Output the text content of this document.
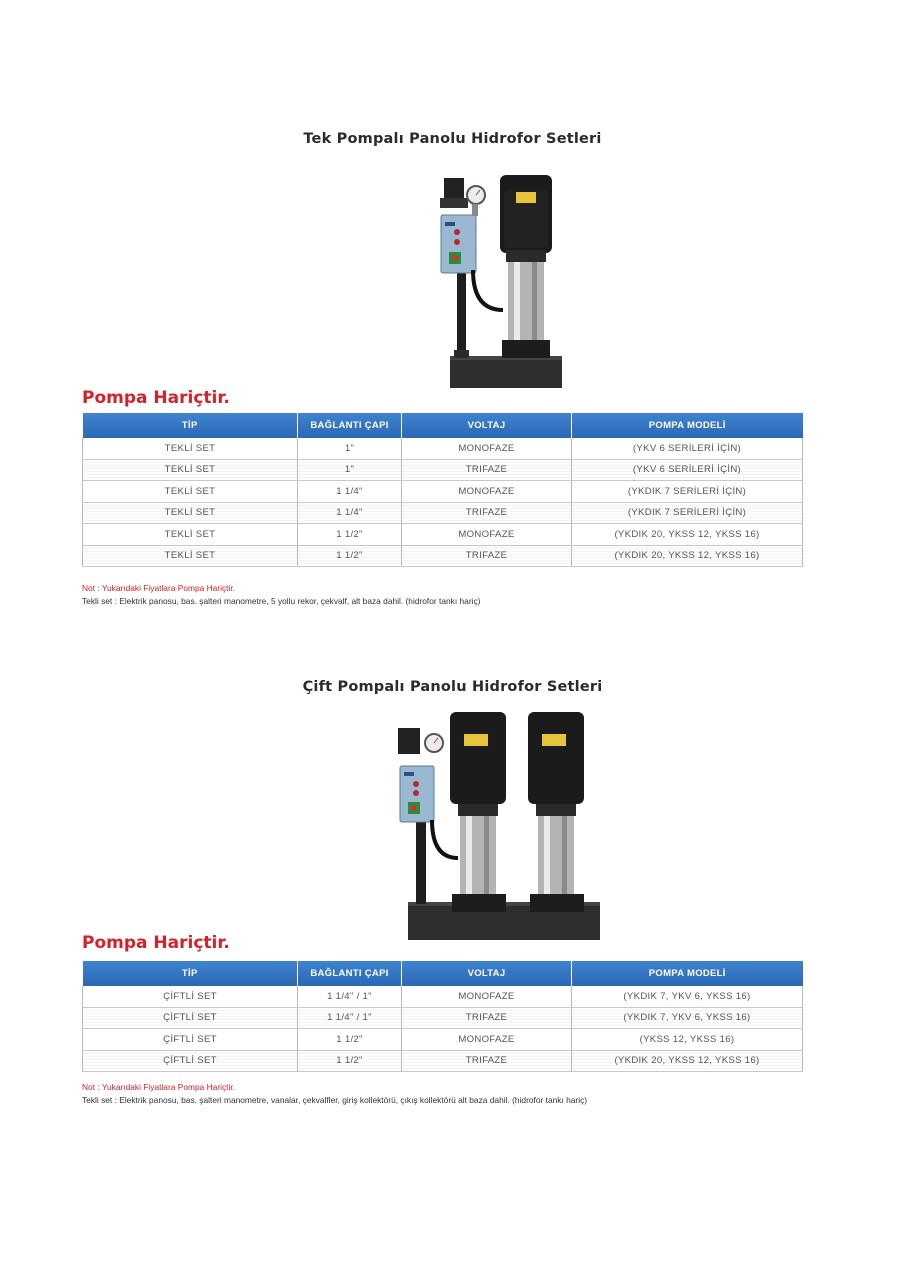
Tek Pompalı Panolu Hidrofor Setleri
Pompa Hariçtir.
TİP	BAĞLANTI ÇAPI	VOLTAJ	POMPA MODELİ
TEKLİ SET	1"	MONOFAZE	(YKV 6 SERİLERİ İÇİN)
TEKLİ SET	1"	TRIFAZE	(YKV 6 SERİLERİ İÇİN)
TEKLİ SET	1 1/4"	MONOFAZE	(YKDIK 7 SERİLERİ İÇİN)
TEKLİ SET	1 1/4"	TRIFAZE	(YKDIK 7 SERİLERİ İÇİN)
TEKLİ SET	1 1/2"	MONOFAZE	(YKDIK 20, YKSS 12, YKSS 16)
TEKLİ SET	1 1/2"	TRIFAZE	(YKDIK 20, YKSS 12, YKSS 16)
Not : Yukarıdaki Fiyatlara Pompa Hariçtir.
Tekli set : Elektrik panosu, bas. şalteri manometre, 5 yollu rekor, çekvalf, alt baza dahil. (hidrofor tankı hariç)
Çift Pompalı Panolu Hidrofor Setleri
Pompa Hariçtir.
TİP	BAĞLANTI ÇAPI	VOLTAJ	POMPA MODELİ
ÇİFTLİ SET	1 1/4" / 1"	MONOFAZE	(YKDIK 7, YKV 6, YKSS 16)
ÇİFTLİ SET	1 1/4" / 1"	TRIFAZE	(YKDIK 7, YKV 6, YKSS 16)
ÇİFTLİ SET	1 1/2"	MONOFAZE	(YKSS 12, YKSS 16)
ÇİFTLİ SET	1 1/2"	TRIFAZE	(YKDIK 20, YKSS 12, YKSS 16)
Not : Yukarıdaki Fiyatlara Pompa Hariçtir.
Tekli set : Elektrik panosu, bas. şalteri manometre, vanalar, çekvalfler, giriş kollektörü, çıkış kollektörü alt baza dahil. (hidrofor tankı hariç)
